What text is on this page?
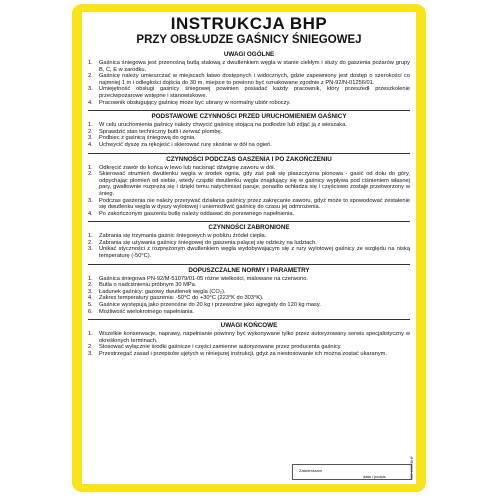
INSTRUKCJA BHP
PRZY OBSŁUDZE GAŚNICY ŚNIEGOWEJ
UWAGI OGÓLNE
1.	Gaśnica śniegowa jest przenośną butlą stalową z dwutlenkiem węgla w stanie ciekłym i służy do gaszenia pożarów grupy B, C, E w zarodku.
2.	Gaśnicę należy umieszczać w miejscach łatwo dostępnych i widocznych, gdzie zapewniony jest dostęp o szerokości co najmniej 1 m i odległości dojścia do 30 m, miejsce to powinno być oznakowane zgodnie z PN-92/N-01256/01.
3.	Umiejętność obsługi gaśnicy śniegowej powinien posiadać każdy pracownik, który przeszedł przeszkolenie przeciwpożarowe wstępne i stanowiskowe.
4.	Pracownik obsługujący gaśnicę może być ubrany w normalny ubiór roboczy.
PODSTAWOWE CZYNNOŚCI PRZED URUCHOMIENIEM GAŚNICY
1.	W celu uruchomienia gaśnicy należy chwycić gaśnicę stojącą na podłodze lub zdjąć ją z wieszaka.
2.	Sprawdzić stan techniczny butli i zerwać plombę.
3.	Podbiec z gaśnicą śniegową do ognia.
4.	Uchwycić dyszę za rękojeść i skierować rurę skośnie w dół na ogień.
CZYNNOŚCI PODCZAS GASZENIA I PO ZAKOŃCZENIU
1.	Odkręcić zawór do końca w lewo lub nacisnąć dźwignię zaworu w dół.
2.	Skierować strumień dwutlenku węgla w środek ognia, gdy zaś pali się płaszczyzna pionowa - gasić od dołu do góry, odpychając płomień od siebie, wtedy cząstki dwutlenku węgla znajdujący się w gaśnicy wypływa pod ciśnieniem własnej pary, gwałtownie rozpręża się i dzięki temu natychmiast paruje, ponadto ochładza się i częściowo zostaje przetworzony w śnieg.
3.	Podczas gaszenia nie należy przerywać działania gaśnicy przez zakręcanie zaworu, gdyż może to spowodować zestalenie się dwutlenku węgla w dyszy wylotowej i uniemożliwić gaśnicę do czasu jej odmrożenia.
4.	Po zakończonym gaszeniu butlę należy oddawać do ponownego napełnienia.
CZYNNOŚCI ZABRONIONE
1.	Zabrania się trzymania gaśnic śniegowych w pobliżu źródeł ciepła.
2.	Zabrania się używania gaśnicy śniegowej do gaszenia palącej się odzieży na ludziach.
3.	Unikać styczności z rozprężonym dwutlenkiem węgla wydobywającym się z rury wylotowej gaśnicy ze względu na niską temperaturę (-50°C).
DOPUSZCZALNE NORMY I PARAMETRY
1.	Gaśnica śniegowa PN-92/M-51079/01-05 różne wielkości, malowane na czerwono.
2.	Butla o nadciśnieniu próbnym 30 MPa.
3.	Ładunek gaśnicy: gazowy dwutlenek węgla (CO₂).
4.	Zakres temperatury gaszenia: -50°C do +30°C (223°K do 303°K).
5.	Gaśnice występują jako przenośne do 20 kg i przewoźne jako agregaty do 120 kg masy.
6.	Możliwość wielokrotnego napełniania.
UWAGI KOŃCOWE
1.	Wszelkie konserwacje, naprawy, napełnianie powinny być wykonywane tylko przez autoryzowany serwis specjalistyczny w określonych terminach.
2.	Stosować wyłącznie środki gaśnicze i części zamienne autoryzowane przez producenta gaśnicy.
3.	Przestrzegać zasad i przepisów ujętych w niniejszej instrukcji, gdyż za niestosowanie ich można zostać ukaranym.
Zatwierdzam
data i podpis	TOP 0035/BHP
